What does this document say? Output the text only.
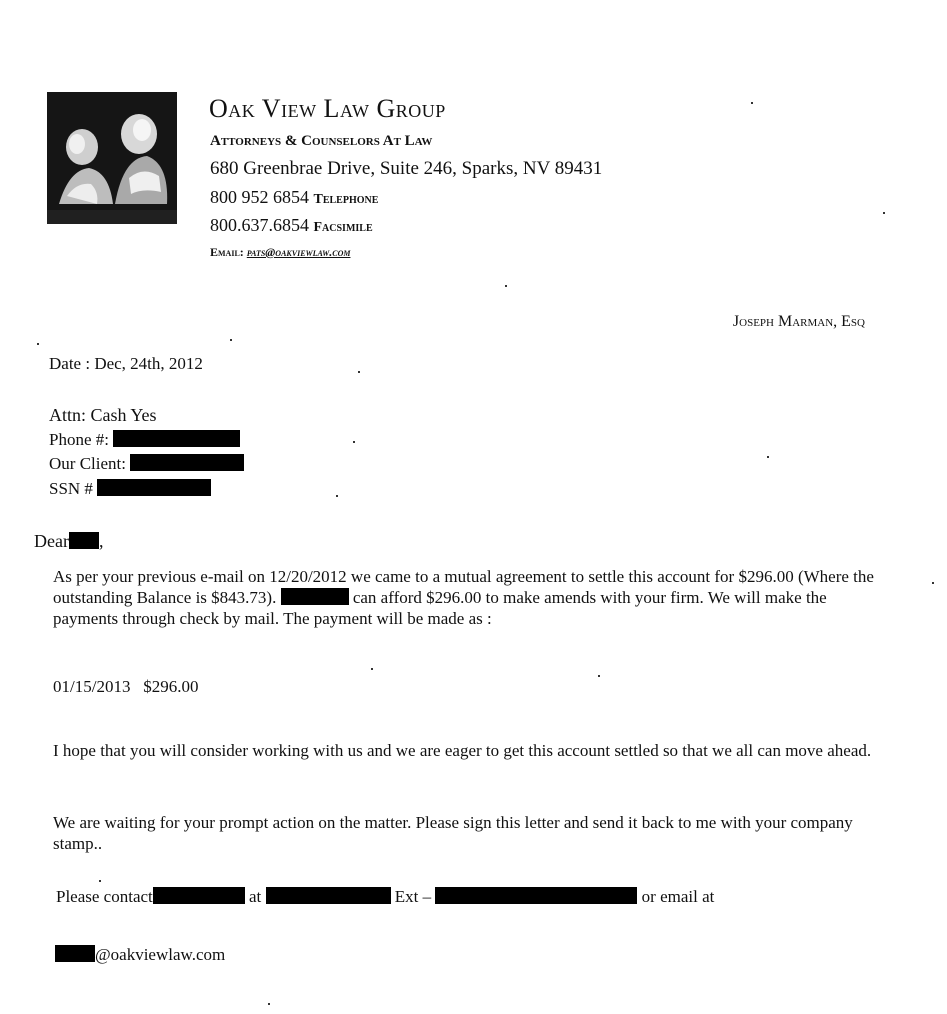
Oak View Law Group
Attorneys & Counselors At Law
680 Greenbrae Drive, Suite 246, Sparks, NV 89431
800 952 6854 Telephone
800.637.6854 Facsimile
Email: pats@oakviewlaw.com
Joseph Marman, Esq
Date : Dec, 24th, 2012
Attn: Cash Yes
Phone #:
Our Client:
SSN #
Dear ,
As per your previous e-mail on 12/20/2012 we came to a mutual agreement to settle this account for $296.00 (Where the outstanding Balance is $843.73).	can afford $296.00 to make amends with your firm. We will make the payments through check by mail. The payment will be made as :
01/15/2013 $296.00
I hope that you will consider working with us and we are eager to get this account settled so that we all can move ahead.
We are waiting for your prompt action on the matter. Please sign this letter and send it back to me with your company stamp..
Please contact	at	Ext –	or email at
@oakviewlaw.com
